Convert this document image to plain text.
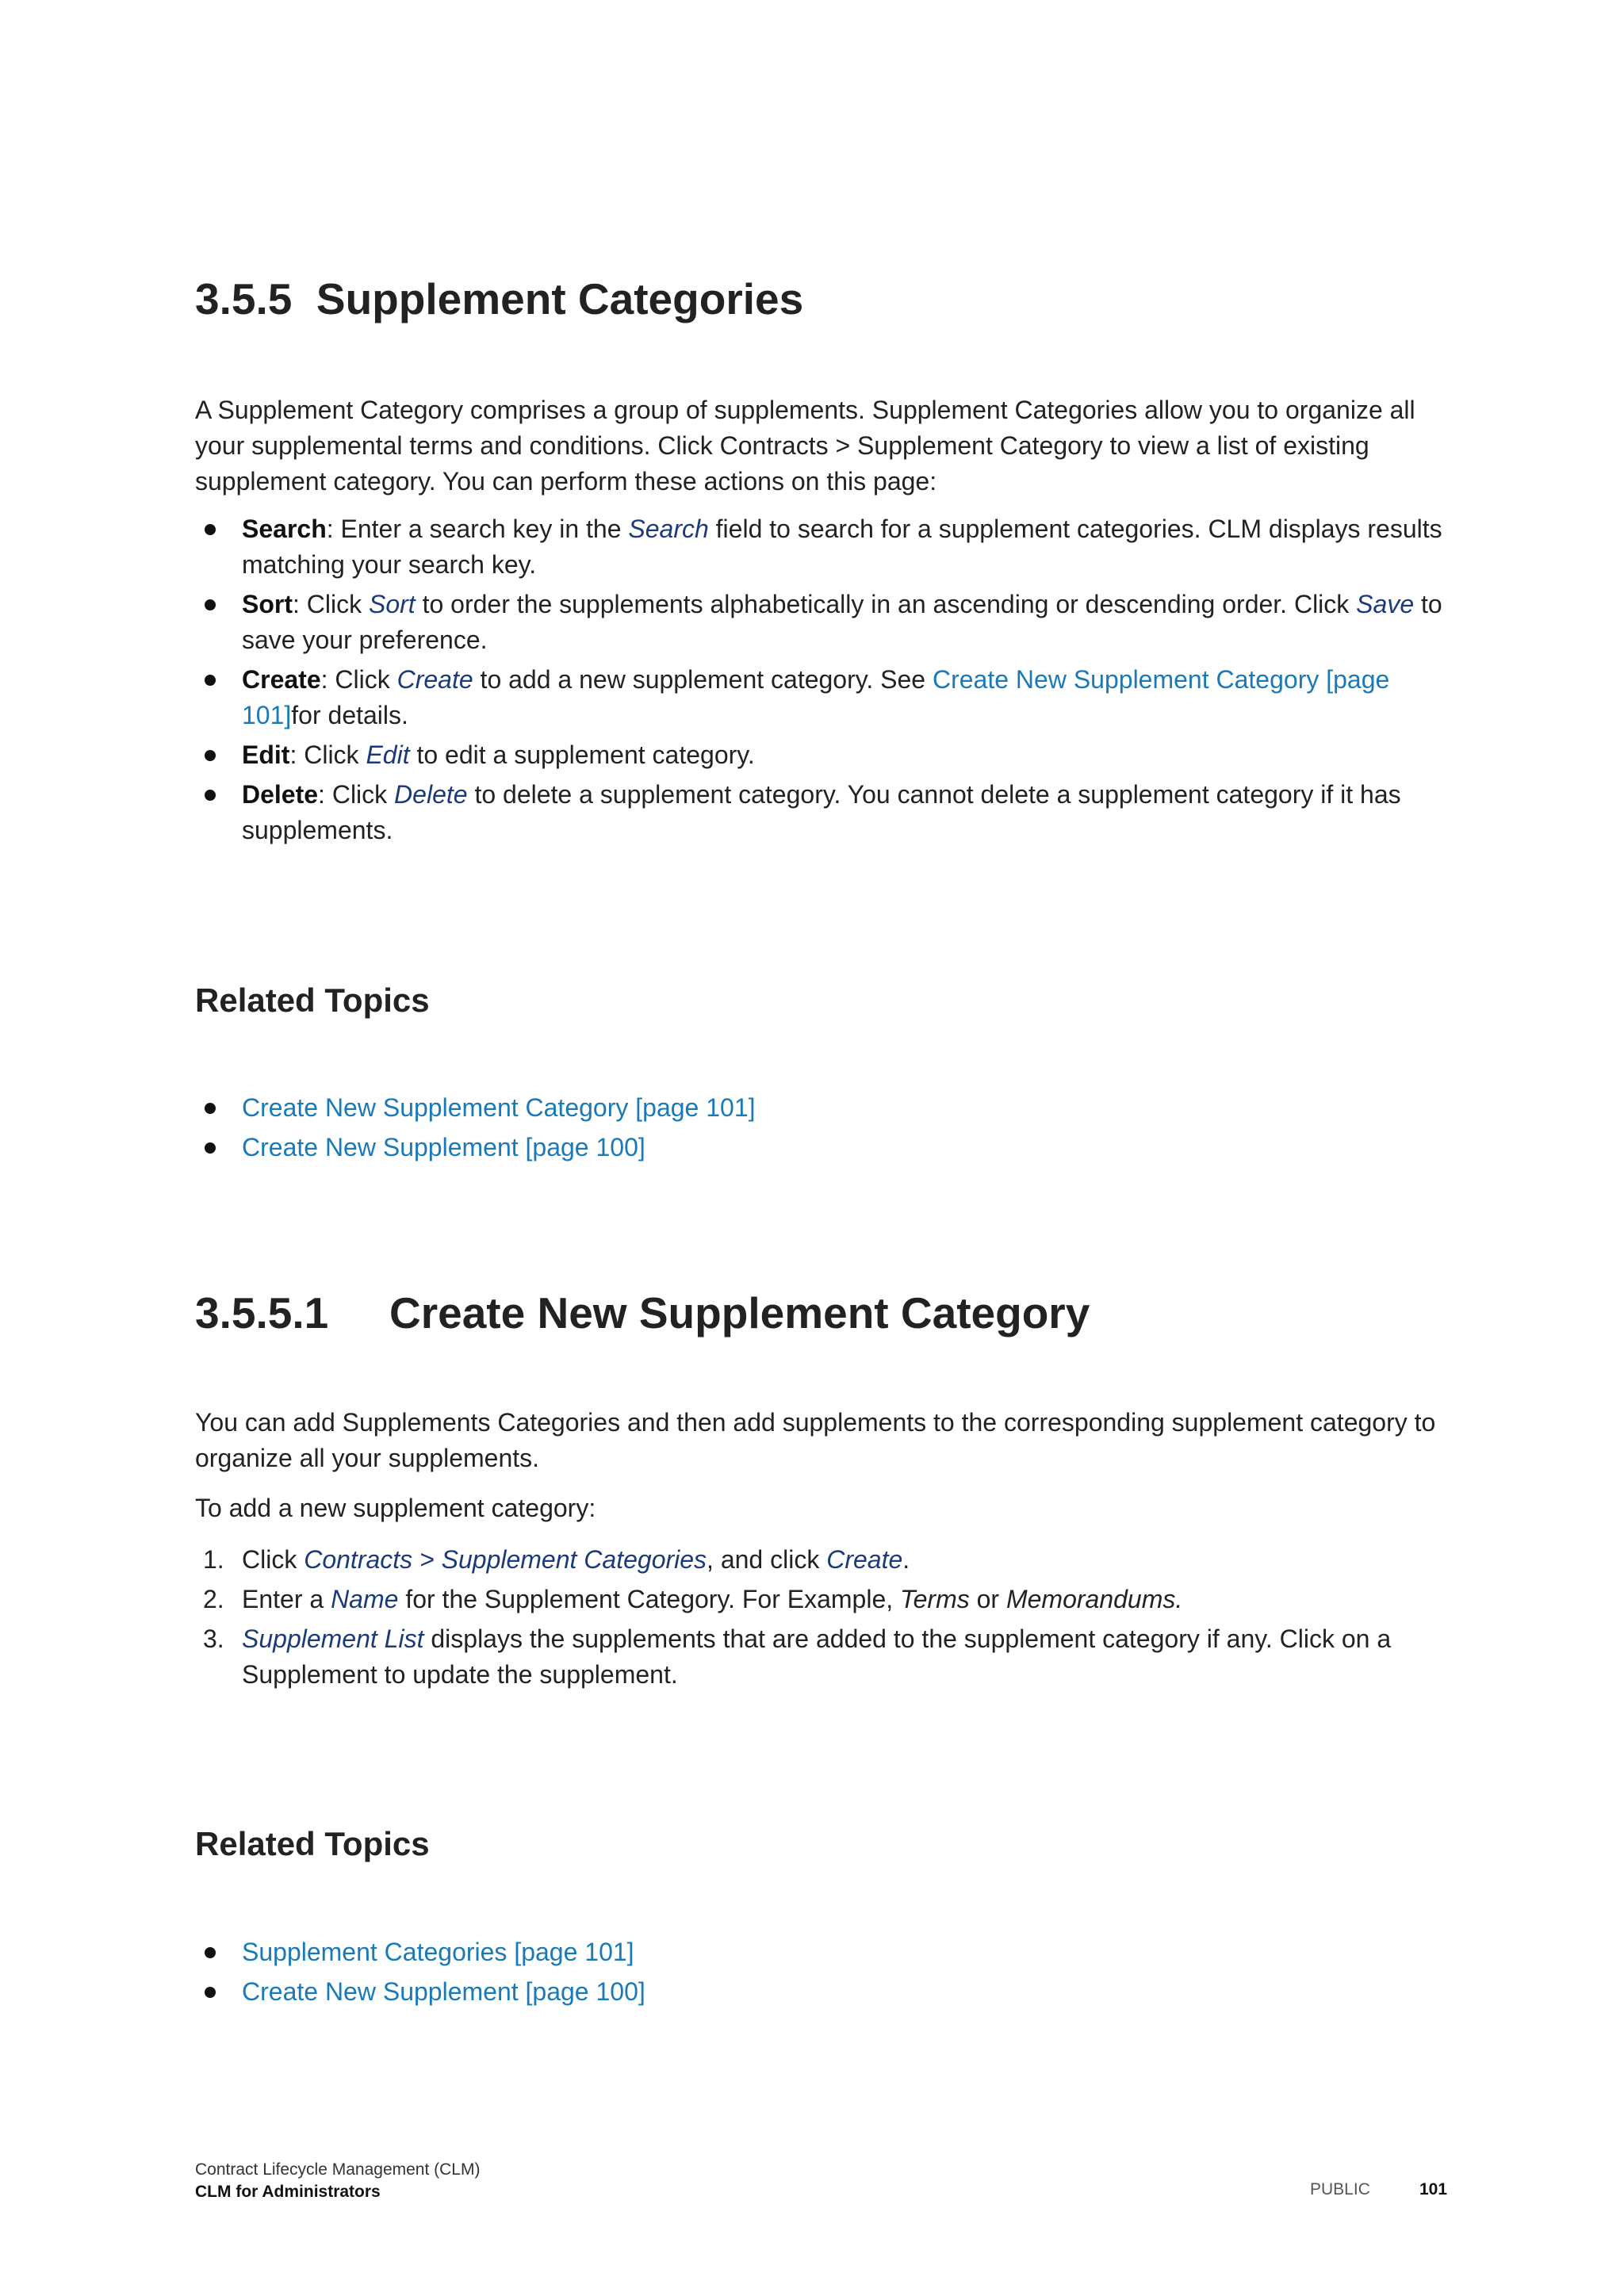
3.5.5 Supplement Categories

A Supplement Category comprises a group of supplements. Supplement Categories allow you to organize all your supplemental terms and conditions. Click Contracts > Supplement Category to view a list of existing supplement category. You can perform these actions on this page:

Search: Enter a search key in the Search field to search for a supplement categories. CLM displays results matching your search key.
Sort: Click Sort to order the supplements alphabetically in an ascending or descending order. Click Save to save your preference.
Create: Click Create to add a new supplement category. See Create New Supplement Category [page 101]for details.
Edit: Click Edit to edit a supplement category.
Delete: Click Delete to delete a supplement category. You cannot delete a supplement category if it has supplements.
Related Topics
Create New Supplement Category [page 101]
Create New Supplement [page 100]
3.5.5.1 Create New Supplement Category

You can add Supplements Categories and then add supplements to the corresponding supplement category to organize all your supplements.

To add a new supplement category:

1. Click Contracts > Supplement Categories, and click Create.
2. Enter a Name for the Supplement Category. For Example, Terms or Memorandums.
3. Supplement List displays the supplements that are added to the supplement category if any. Click on a Supplement to update the supplement.
Related Topics
Supplement Categories [page 101]
Create New Supplement [page 100]
Contract Lifecycle Management (CLM)
CLM for Administrators	PUBLIC	101
